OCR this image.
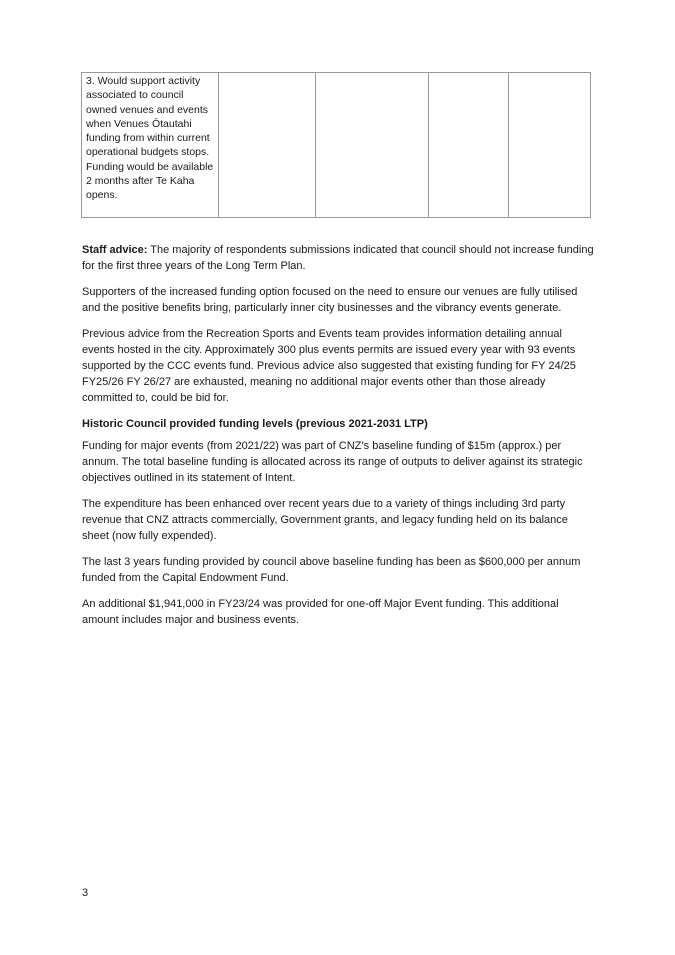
3. Would support activity associated to council owned venues and events when Venues Ōtautahi funding from within current operational budgets stops. Funding would be available 2 months after Te Kaha opens.				

Staff advice: The majority of respondents submissions indicated that council should not increase funding for the first three years of the Long Term Plan.

Supporters of the increased funding option focused on the need to ensure our venues are fully utilised and the positive benefits bring, particularly inner city businesses and the vibrancy events generate.

Previous advice from the Recreation Sports and Events team provides information detailing annual events hosted in the city. Approximately 300 plus events permits are issued every year with 93 events supported by the CCC events fund. Previous advice also suggested that existing funding for FY 24/25 FY25/26 FY 26/27 are exhausted, meaning no additional major events other than those already committed to, could be bid for.

Historic Council provided funding levels (previous 2021-2031 LTP)

Funding for major events (from 2021/22) was part of CNZ’s baseline funding of $15m (approx.) per annum. The total baseline funding is allocated across its range of outputs to deliver against its strategic objectives outlined in its statement of Intent.

The expenditure has been enhanced over recent years due to a variety of things including 3rd party revenue that CNZ attracts commercially, Government grants, and legacy funding held on its balance sheet (now fully expended).

The last 3 years funding provided by council above baseline funding has been as $600,000 per annum funded from the Capital Endowment Fund.

An additional $1,941,000 in FY23/24 was provided for one-off Major Event funding. This additional amount includes major and business events.

3
